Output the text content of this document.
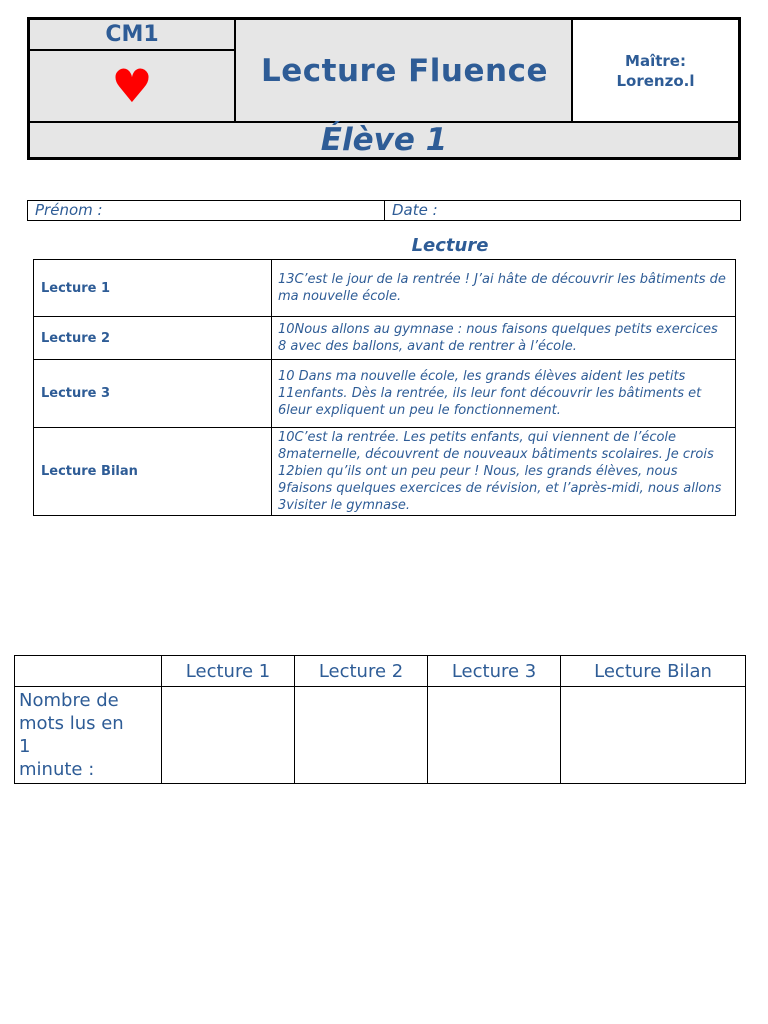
CM1
♥	Lecture Fluence	Maître:
Lorenzo.l
Élève 1
Prénom :	Date :
Lecture
Lecture 1	13C’est le jour de la rentrée ! J’ai hâte de découvrir les bâtiments de ma nouvelle école.
Lecture 2	10Nous allons au gymnase : nous faisons quelques petits exercices 8 avec des ballons, avant de rentrer à l’école.
Lecture 3	10 Dans ma nouvelle école, les grands élèves aident les petits 11enfants. Dès la rentrée, ils leur font découvrir les bâtiments et 6leur expliquent un peu le fonctionnement.
Lecture Bilan	10C’est la rentrée. Les petits enfants, qui viennent de l’école 8maternelle, découvrent de nouveaux bâtiments scolaires. Je crois 12bien qu’ils ont un peu peur ! Nous, les grands élèves, nous 9faisons quelques exercices de révision, et l’après-midi, nous allons 3visiter le gymnase.
	Lecture 1	Lecture 2	Lecture 3	Lecture Bilan

Nombre de
mots lus en
1
minute :				
